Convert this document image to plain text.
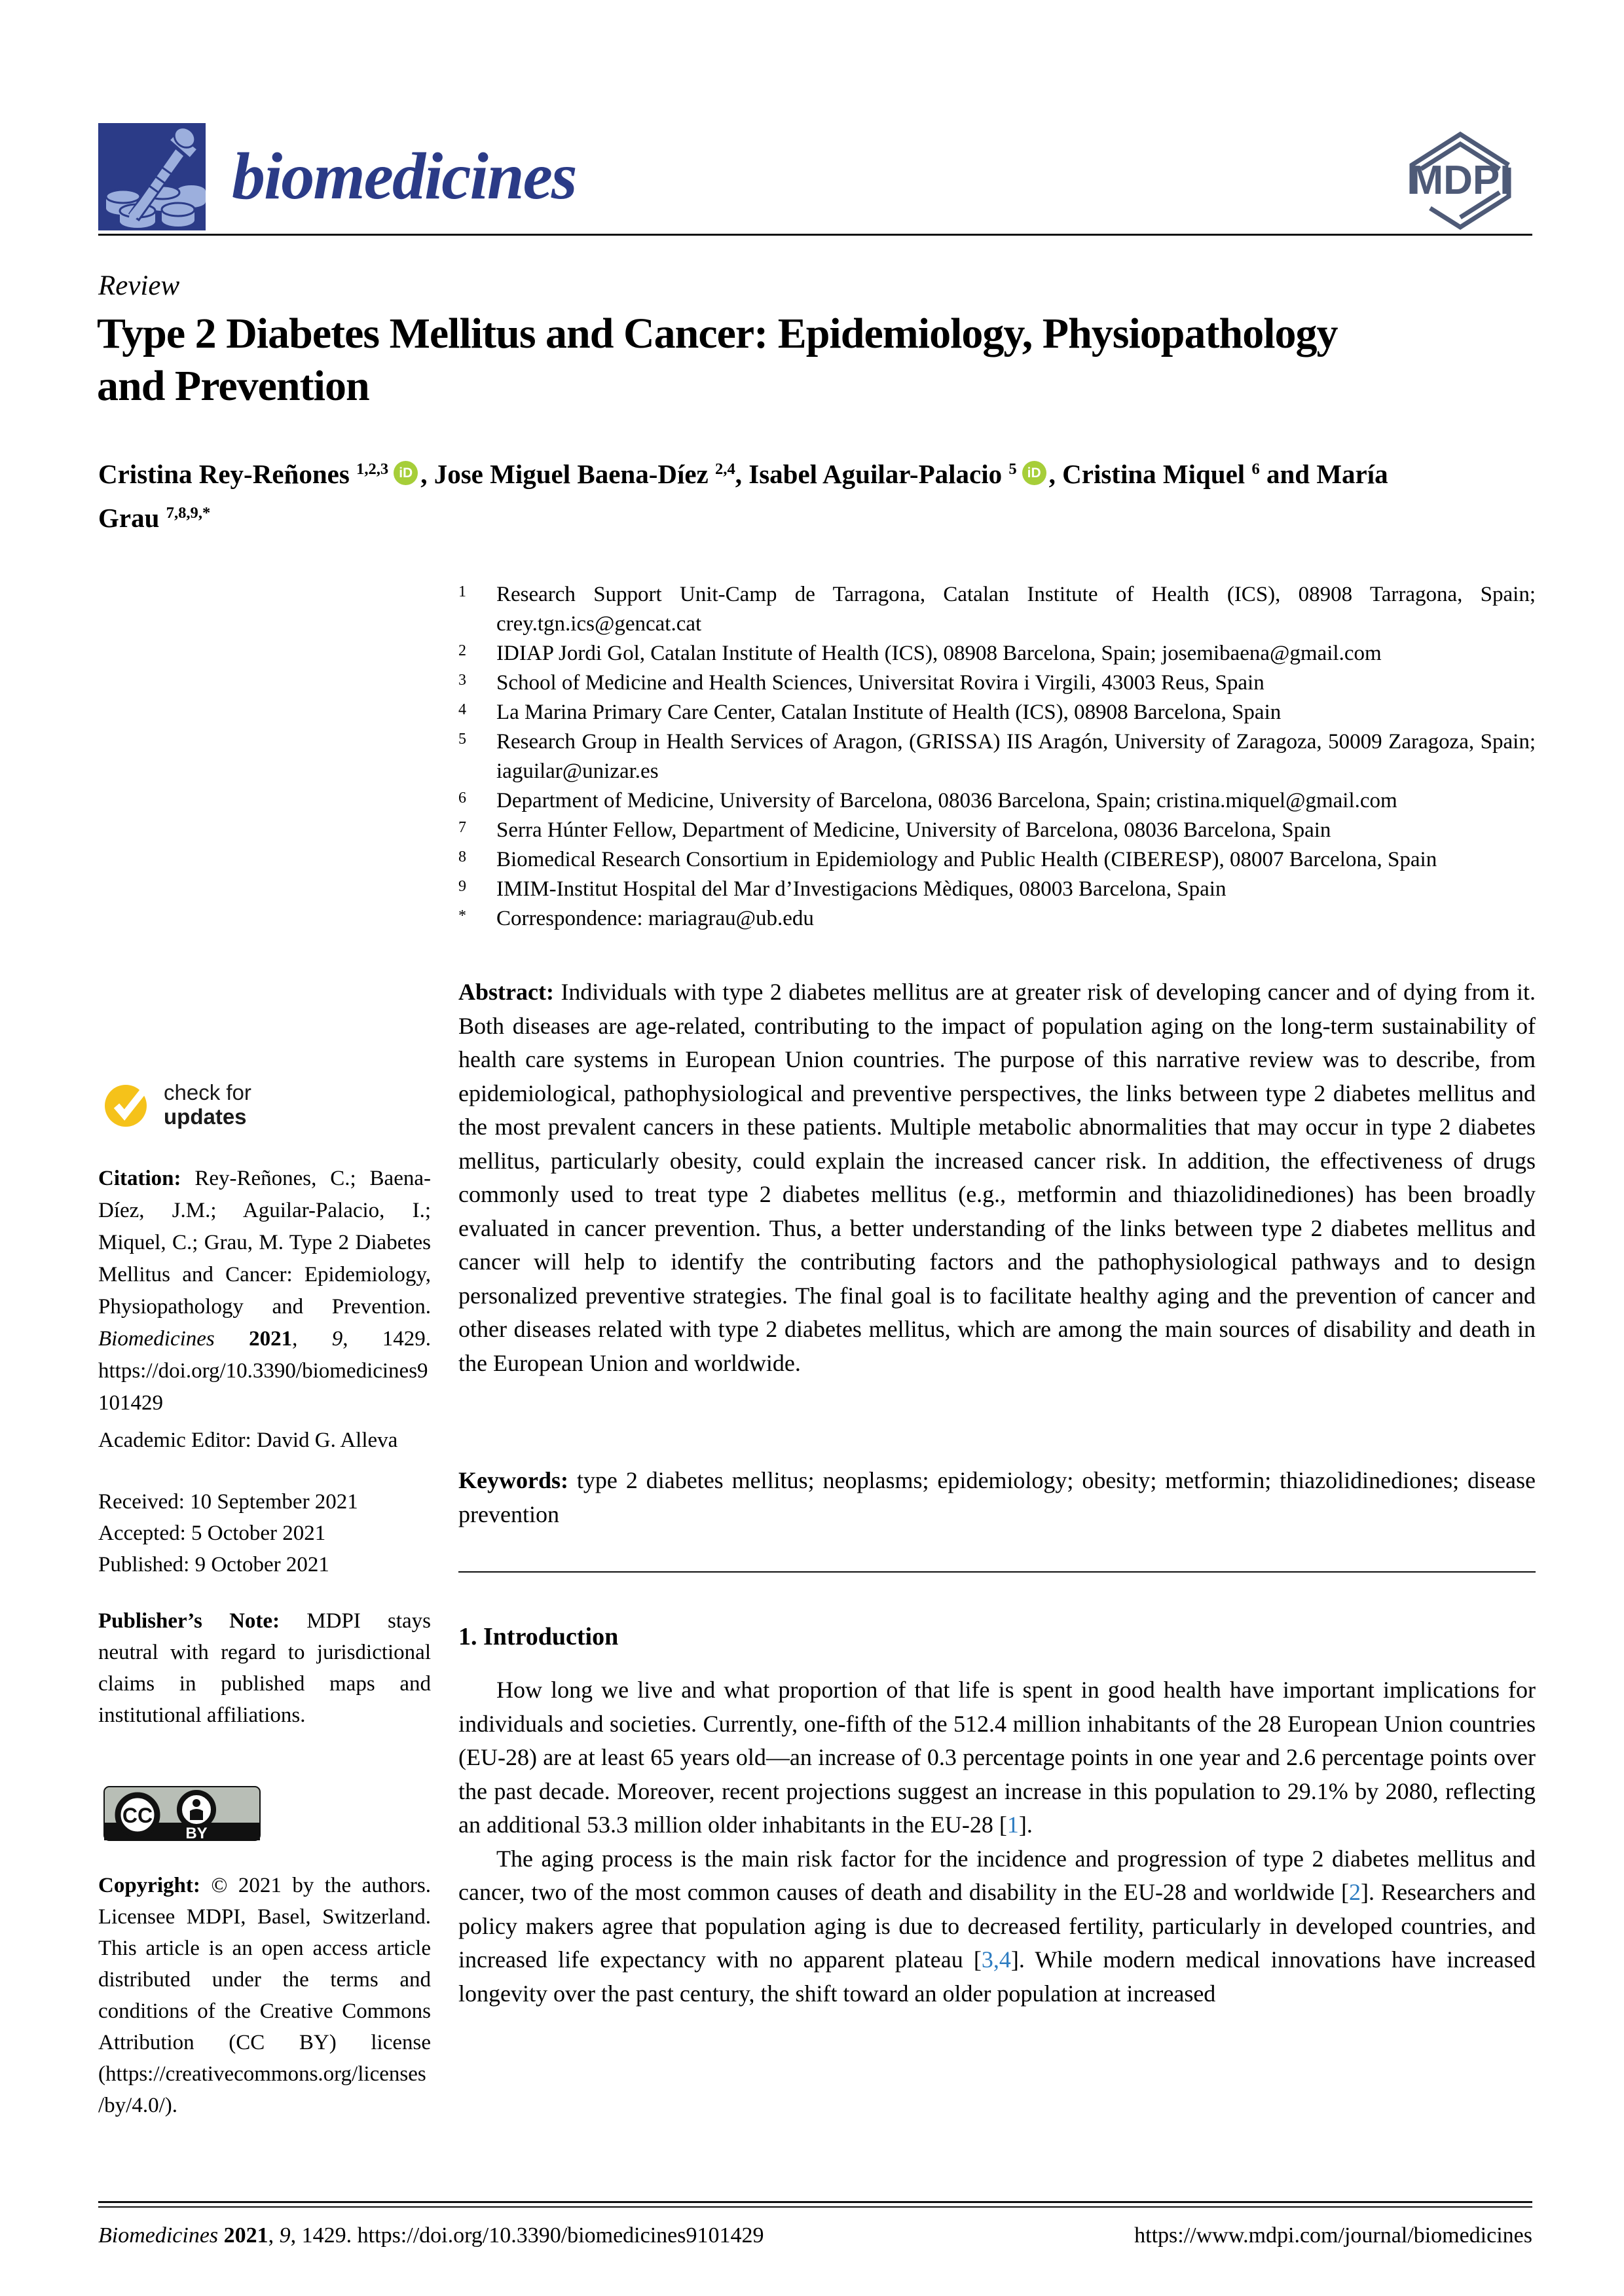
biomedicines	MDPI
Review
Type 2 Diabetes Mellitus and Cancer: Epidemiology, Physiopathology and Prevention
Cristina Rey-Reñones $^{1,2,3}$ iD , Jose Miguel Baena-Díez $^{2,4}$, Isabel Aguilar-Palacio $^5$ iD , Cristina Miquel $^6$ and María Grau $^{7,8,9,*}$
1	Research Support Unit-Camp de Tarragona, Catalan Institute of Health (ICS), 08908 Tarragona, Spain; crey.tgn.ics@gencat.cat
2	IDIAP Jordi Gol, Catalan Institute of Health (ICS), 08908 Barcelona, Spain; josemibaena@gmail.com
3	School of Medicine and Health Sciences, Universitat Rovira i Virgili, 43003 Reus, Spain
4	La Marina Primary Care Center, Catalan Institute of Health (ICS), 08908 Barcelona, Spain
5	Research Group in Health Services of Aragon, (GRISSA) IIS Aragón, University of Zaragoza, 50009 Zaragoza, Spain; iaguilar@unizar.es
6	Department of Medicine, University of Barcelona, 08036 Barcelona, Spain; cristina.miquel@gmail.com
7	Serra Húnter Fellow, Department of Medicine, University of Barcelona, 08036 Barcelona, Spain
8	Biomedical Research Consortium in Epidemiology and Public Health (CIBERESP), 08007 Barcelona, Spain
9	IMIM-Institut Hospital del Mar d’Investigacions Mèdiques, 08003 Barcelona, Spain
*	Correspondence: mariagrau@ub.edu
Abstract: Individuals with type 2 diabetes mellitus are at greater risk of developing cancer and of dying from it. Both diseases are age-related, contributing to the impact of population aging on the long-term sustainability of health care systems in European Union countries. The purpose of this narrative review was to describe, from epidemiological, pathophysiological and preventive perspectives, the links between type 2 diabetes mellitus and the most prevalent cancers in these patients. Multiple metabolic abnormalities that may occur in type 2 diabetes mellitus, particularly obesity, could explain the increased cancer risk. In addition, the effectiveness of drugs commonly used to treat type 2 diabetes mellitus (e.g., metformin and thiazolidinediones) has been broadly evaluated in cancer prevention. Thus, a better understanding of the links between type 2 diabetes mellitus and cancer will help to identify the contributing factors and the pathophysiological pathways and to design personalized preventive strategies. The final goal is to facilitate healthy aging and the prevention of cancer and other diseases related with type 2 diabetes mellitus, which are among the main sources of disability and death in the European Union and worldwide.
Keywords: type 2 diabetes mellitus; neoplasms; epidemiology; obesity; metformin; thiazolidinediones; disease prevention
1. Introduction

How long we live and what proportion of that life is spent in good health have important implications for individuals and societies. Currently, one-fifth of the 512.4 million inhabitants of the 28 European Union countries (EU-28) are at least 65 years old—an increase of 0.3 percentage points in one year and 2.6 percentage points over the past decade. Moreover, recent projections suggest an increase in this population to 29.1% by 2080, reflecting an additional 53.3 million older inhabitants in the EU-28 [1].

The aging process is the main risk factor for the incidence and progression of type 2 diabetes mellitus and cancer, two of the most common causes of death and disability in the EU-28 and worldwide [2]. Researchers and policy makers agree that population aging is due to decreased fertility, particularly in developed countries, and increased life expectancy with no apparent plateau [3,4]. While modern medical innovations have increased longevity over the past century, the shift toward an older population at increased

check for
updates
Citation: Rey-Reñones, C.; Baena-Díez, J.M.; Aguilar-Palacio, I.; Miquel, C.; Grau, M. Type 2 Diabetes Mellitus and Cancer: Epidemiology, Physiopathology and Prevention. Biomedicines 2021, 9, 1429. https://doi.org/10.3390/biomedicines9101429
Academic Editor: David G. Alleva
Received: 10 September 2021
Accepted: 5 October 2021
Published: 9 October 2021
Publisher’s Note: MDPI stays neutral with regard to jurisdictional claims in published maps and institutional affiliations.
CC
BY
Copyright: © 2021 by the authors. Licensee MDPI, Basel, Switzerland. This article is an open access article distributed under the terms and conditions of the Creative Commons Attribution (CC BY) license (https://creativecommons.org/licenses/by/4.0/).
Biomedicines 2021, 9, 1429. https://doi.org/10.3390/biomedicines9101429	https://www.mdpi.com/journal/biomedicines
